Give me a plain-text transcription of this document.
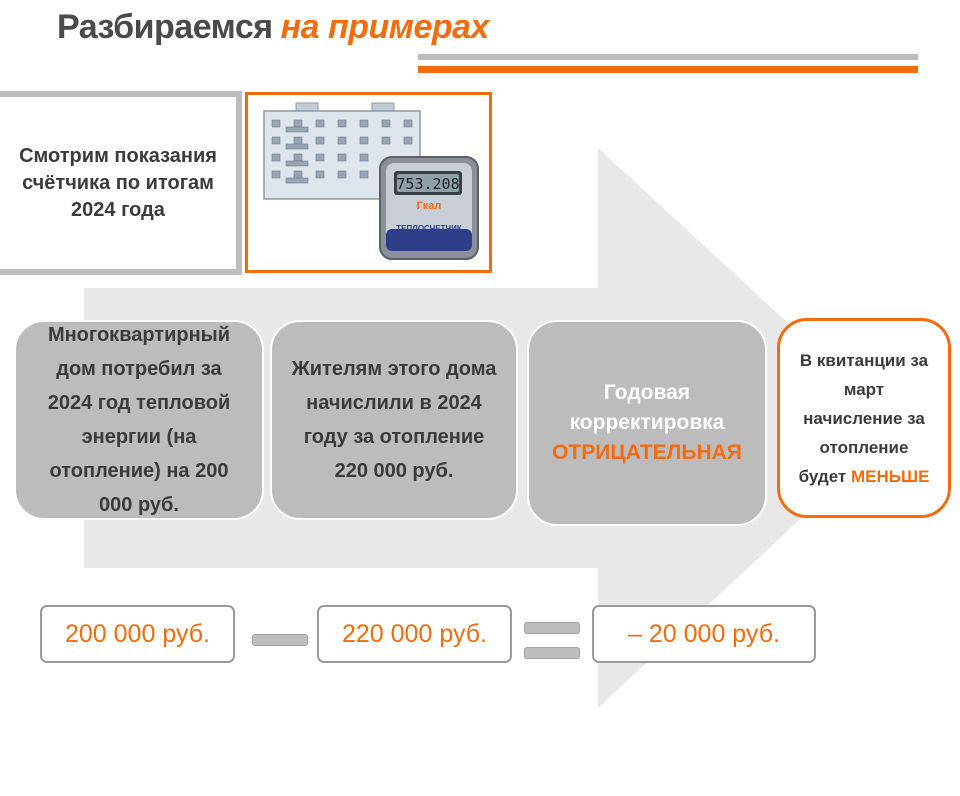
Разбираемся на примерах
Смотрим показания счётчика по итогам 2024 года
753.208
Гкал
ТЕПЛОСЧЕТЧИК
Многоквартирный дом потребил за 2024 год тепловой энергии (на отопление) на 200 000 руб.
Жителям этого дома начислили в 2024 году за отопление 220 000 руб.
Годовая корректировка
ОТРИЦАТЕЛЬНАЯ
В квитанции за март начисление за отопление будет МЕНЬШЕ
200 000 руб.	220 000 руб.	– 20 000 руб.
